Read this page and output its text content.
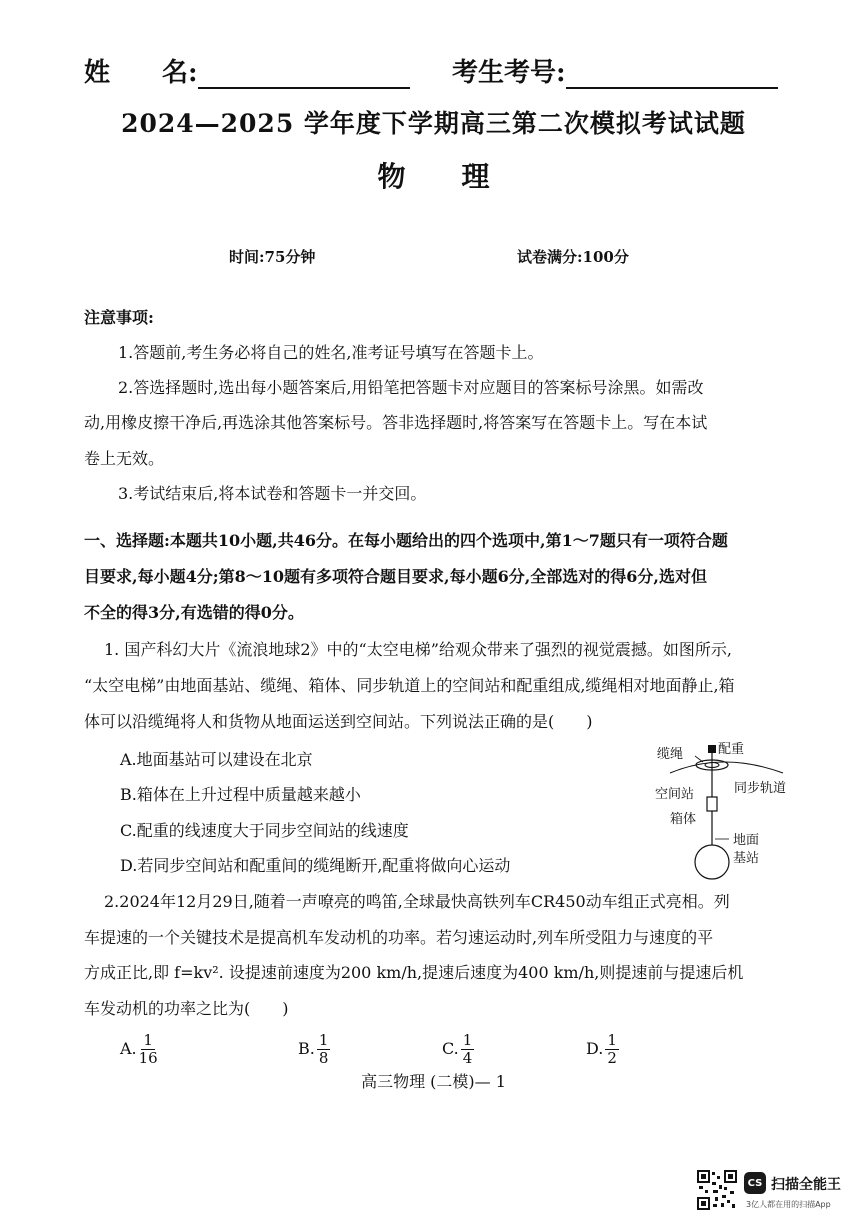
姓　　名:	考生考号:
2024—2025 学年度下学期高三第二次模拟考试试题
物　　理
时间:75分钟	试卷满分:100分
注意事项:
1.答题前,考生务必将自己的姓名,准考证号填写在答题卡上。
2.答选择题时,选出每小题答案后,用铅笔把答题卡对应题目的答案标号涂黑。如需改
动,用橡皮擦干净后,再选涂其他答案标号。答非选择题时,将答案写在答题卡上。写在本试
卷上无效。
3.考试结束后,将本试卷和答题卡一并交回。
一、选择题:本题共10小题,共46分。在每小题给出的四个选项中,第1～7题只有一项符合题
目要求,每小题4分;第8～10题有多项符合题目要求,每小题6分,全部选对的得6分,选对但
不全的得3分,有选错的得0分。
1. 国产科幻大片《流浪地球2》中的“太空电梯”给观众带来了强烈的视觉震撼。如图所示,
“太空电梯”由地面基站、缆绳、箱体、同步轨道上的空间站和配重组成,缆绳相对地面静止,箱
体可以沿缆绳将人和货物从地面运送到空间站。下列说法正确的是(　　)
A.地面基站可以建设在北京
B.箱体在上升过程中质量越来越小
C.配重的线速度大于同步空间站的线速度
D.若同步空间站和配重间的缆绳断开,配重将做向心运动
缆绳	配重
同步轨道
空间站
箱体
地面
基站
2.2024年12月29日,随着一声嘹亮的鸣笛,全球最快高铁列车CR450动车组正式亮相。列
车提速的一个关键技术是提高机车发动机的功率。若匀速运动时,列车所受阻力与速度的平
方成正比,即 f=kv². 设提速前速度为200 km/h,提速后速度为400 km/h,则提速前与提速后机
车发动机的功率之比为(　　)
A. $\frac{1}{16}$	B. $\frac{1}{8}$	C. $\frac{1}{4}$	D. $\frac{1}{2}$
高三物理 (二模)— 1
CS 扫描全能王
3亿人都在用的扫描App
